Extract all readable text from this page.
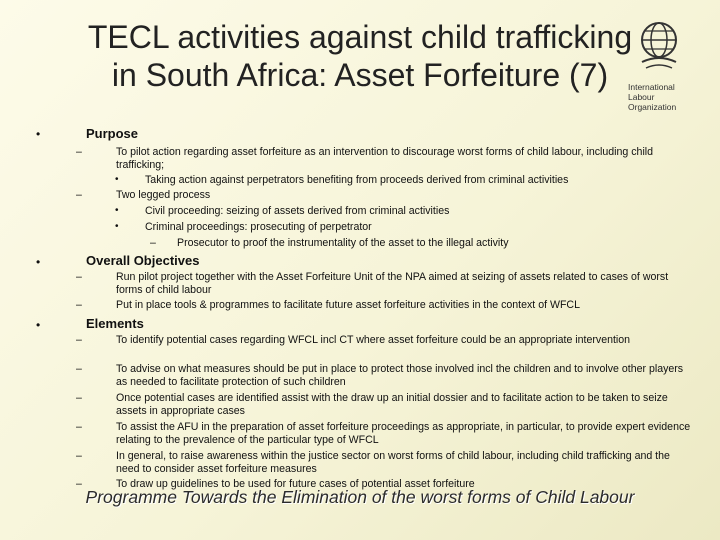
TECL activities against child trafficking
in South Africa: Asset Forfeiture (7)	International
Labour
Organization
•	Purpose
–	To pilot action regarding asset forfeiture as an intervention to discourage worst forms of child labour, including child trafficking;
• Taking action against perpetrators benefiting from proceeds derived from criminal activities
–	Two legged process
• Civil proceeding: seizing of assets derived from criminal activities
• Criminal proceedings: prosecuting of perpetrator
– Prosecutor to proof the instrumentality of the asset to the illegal activity
•	Overall Objectives
–	Run pilot project together with the Asset Forfeiture Unit of the NPA aimed at seizing of assets related to cases of worst forms of child labour
–	Put in place tools & programmes to facilitate future asset forfeiture activities in the context of WFCL
•	Elements
–	To identify potential cases regarding WFCL incl CT where asset forfeiture could be an appropriate intervention
–	To advise on what measures should be put in place to protect those involved incl the children and to involve other players as needed to facilitate protection of such children
–	Once potential cases are identified assist with the draw up an initial dossier and to facilitate action to be taken to seize assets in appropriate cases
–	To assist the AFU in the preparation of asset forfeiture proceedings as appropriate, in particular, to provide expert evidence relating to the prevalence of the particular type of WFCL
–	In general, to raise awareness within the justice sector on worst forms of child labour, including child trafficking and the need to consider asset forfeiture measures
–	To draw up guidelines to be used for future cases of potential asset forfeiture
Programme Towards the Elimination of the worst forms of Child Labour
